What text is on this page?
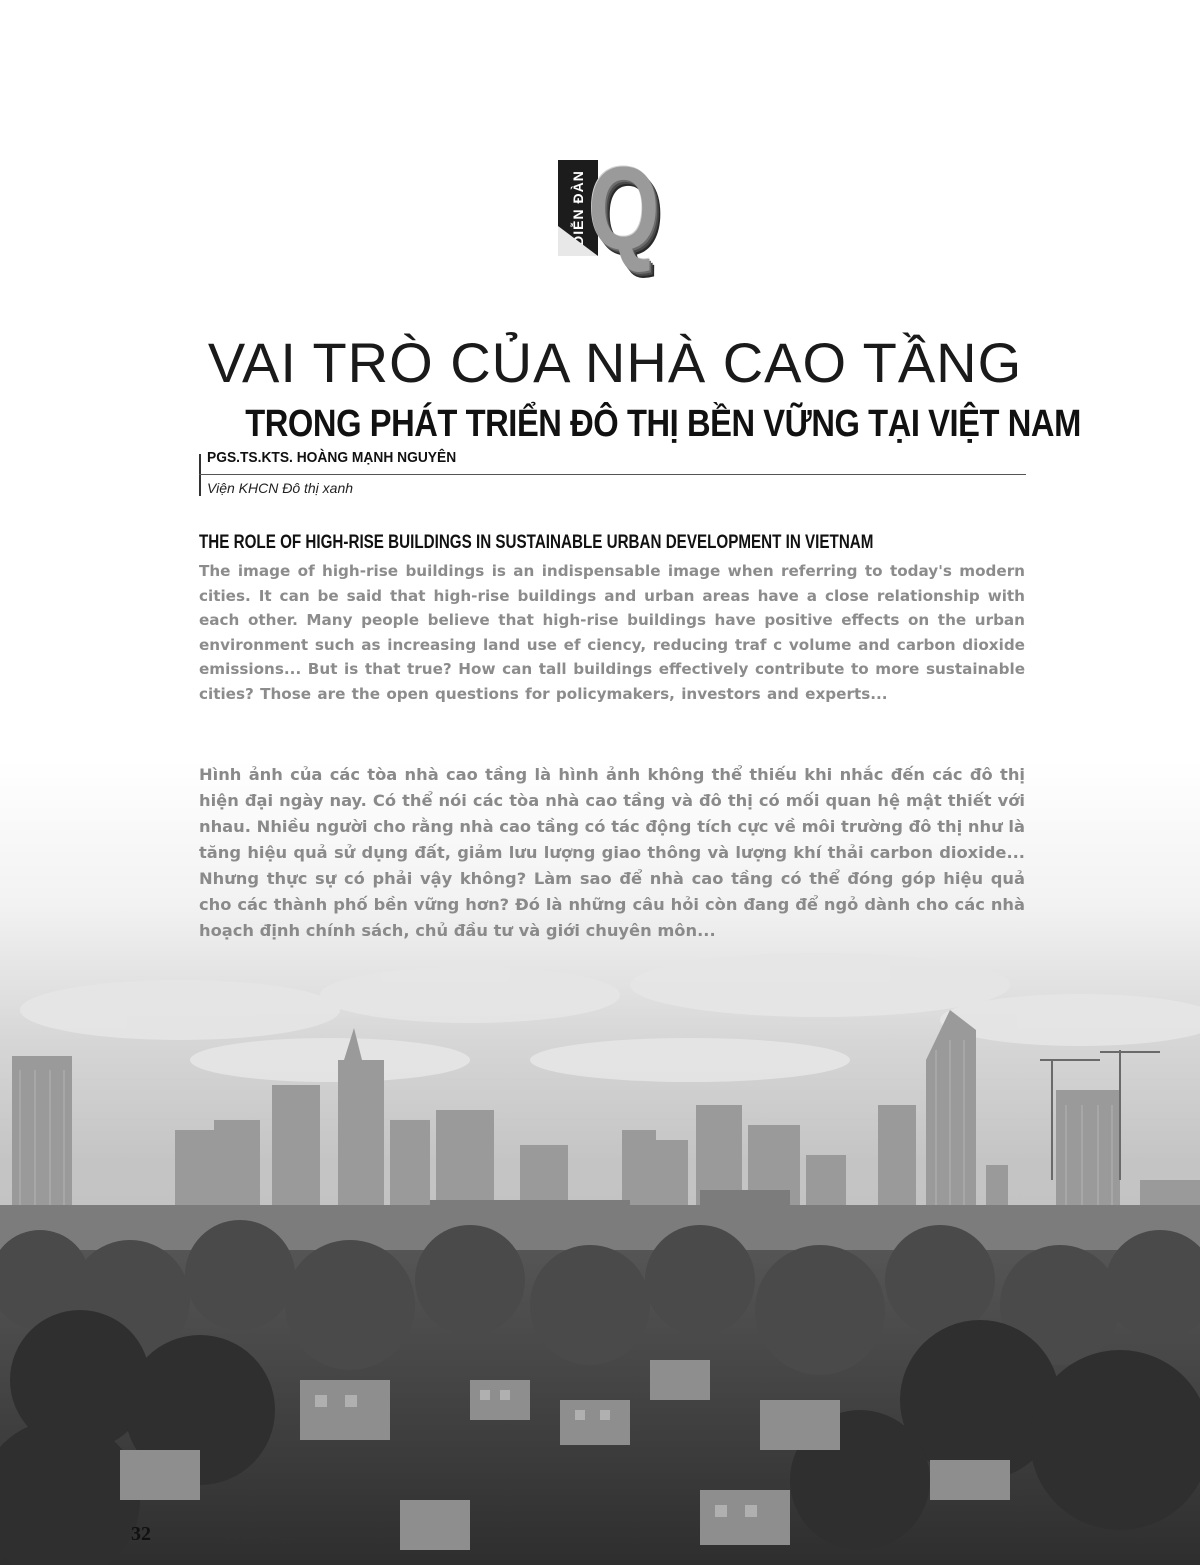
DIỄN ĐÀN Q
VAI TRÒ CỦA NHÀ CAO TẦNG
TRONG PHÁT TRIỂN ĐÔ THỊ BỀN VỮNG TẠI VIỆT NAM
PGS.TS.KTS. HOÀNG MẠNH NGUYÊN
Viện KHCN Đô thị xanh
THE ROLE OF HIGH-RISE BUILDINGS IN SUSTAINABLE URBAN DEVELOPMENT IN VIETNAM

The image of high-rise buildings is an indispensable image when referring to today's modern cities. It can be said that high-rise buildings and urban areas have a close relationship with each other. Many people believe that high-rise buildings have positive effects on the urban environment such as increasing land use ef ciency, reducing traf c volume and carbon dioxide emissions... But is that true? How can tall buildings effectively contribute to more sustainable cities? Those are the open questions for policymakers, investors and experts...

Hình ảnh của các tòa nhà cao tầng là hình ảnh không thể thiếu khi nhắc đến các đô thị hiện đại ngày nay. Có thể nói các tòa nhà cao tầng và đô thị có mối quan hệ mật thiết với nhau. Nhiều người cho rằng nhà cao tầng có tác động tích cực về môi trường đô thị như là tăng hiệu quả sử dụng đất, giảm lưu lượng giao thông và lượng khí thải carbon dioxide... Nhưng thực sự có phải vậy không? Làm sao để nhà cao tầng có thể đóng góp hiệu quả cho các thành phố bền vững hơn? Đó là những câu hỏi còn đang để ngỏ dành cho các nhà hoạch định chính sách, chủ đầu tư và giới chuyên môn...

32	Số 120 · 2022
